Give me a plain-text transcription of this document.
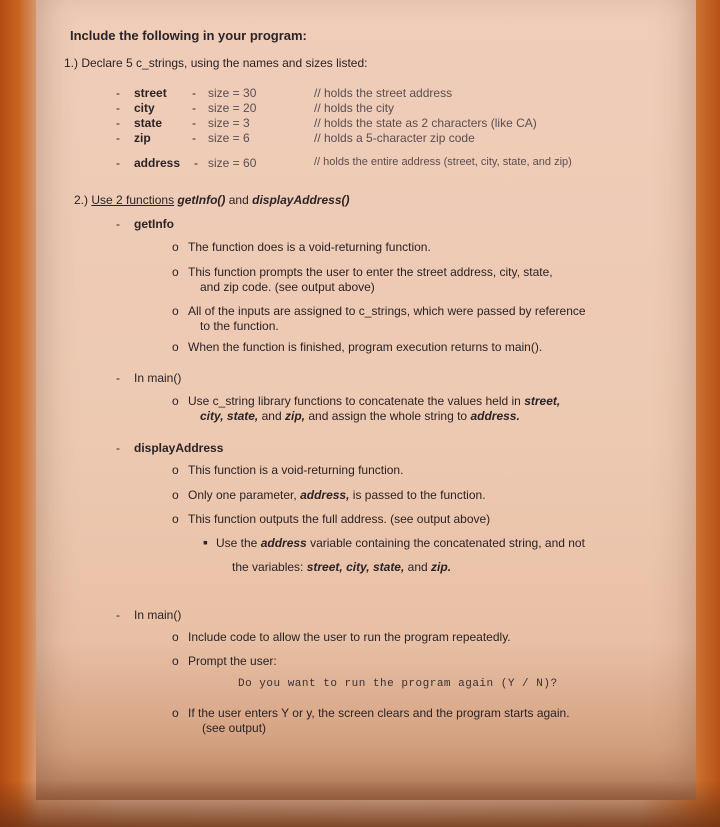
Include the following in your program:
1.) Declare 5 c_strings, using the names and sizes listed:
- street - size = 30	// holds the street address
- city	- size = 20	// holds the city
- state - size = 3	// holds the state as 2 characters (like CA)
- zip	- size = 6	// holds a 5-character zip code
- address - size = 60	// holds the entire address (street, city, state, and zip)
2.) Use 2 functions getInfo() and displayAddress()
- getInfo
o The function does is a void-returning function.
o This function prompts the user to enter the street address, city, state,
and zip code. (see output above)
o All of the inputs are assigned to c_strings, which were passed by reference
to the function.
o When the function is finished, program execution returns to main().
- In main()
o Use c_string library functions to concatenate the values held in street,
city, state, and zip, and assign the whole string to address.
- displayAddress
o This function is a void-returning function.
o Only one parameter, address, is passed to the function.
o This function outputs the full address. (see output above)
▪ Use the address variable containing the concatenated string, and not
the variables: street, city, state, and zip.
- In main()
o Include code to allow the user to run the program repeatedly.
o Prompt the user:
Do you want to run the program again (Y / N)?
o If the user enters Y or y, the screen clears and the program starts again.
(see output)
